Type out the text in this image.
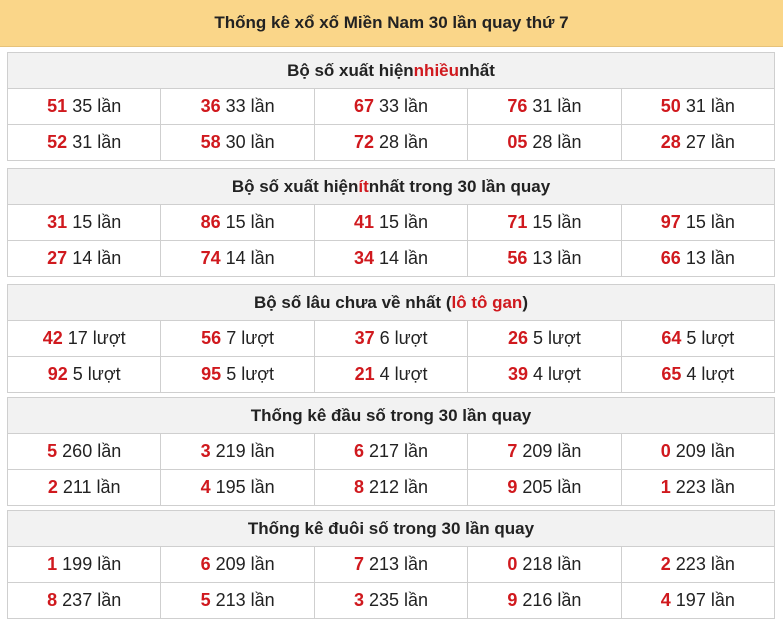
Thống kê xổ xố Miền Nam 30 lần quay thứ 7
Bộ số xuất hiện nhiều nhất
51 35 lần	36 33 lần	67 33 lần	76 31 lần	50 31 lần
52 31 lần	58 30 lần	72 28 lần	05 28 lần	28 27 lần
Bộ số xuất hiện ít nhất trong 30 lần quay
31 15 lần	86 15 lần	41 15 lần	71 15 lần	97 15 lần
27 14 lần	74 14 lần	34 14 lần	56 13 lần	66 13 lần
Bộ số lâu chưa về nhất ( lô tô gan )
42 17 lượt	56 7 lượt	37 6 lượt	26 5 lượt	64 5 lượt
92 5 lượt	95 5 lượt	21 4 lượt	39 4 lượt	65 4 lượt
Thống kê đầu số trong 30 lần quay
5 260 lần	3 219 lần	6 217 lần	7 209 lần	0 209 lần
2 211 lần	4 195 lần	8 212 lần	9 205 lần	1 223 lần
Thống kê đuôi số trong 30 lần quay
1 199 lần	6 209 lần	7 213 lần	0 218 lần	2 223 lần
8 237 lần	5 213 lần	3 235 lần	9 216 lần	4 197 lần
